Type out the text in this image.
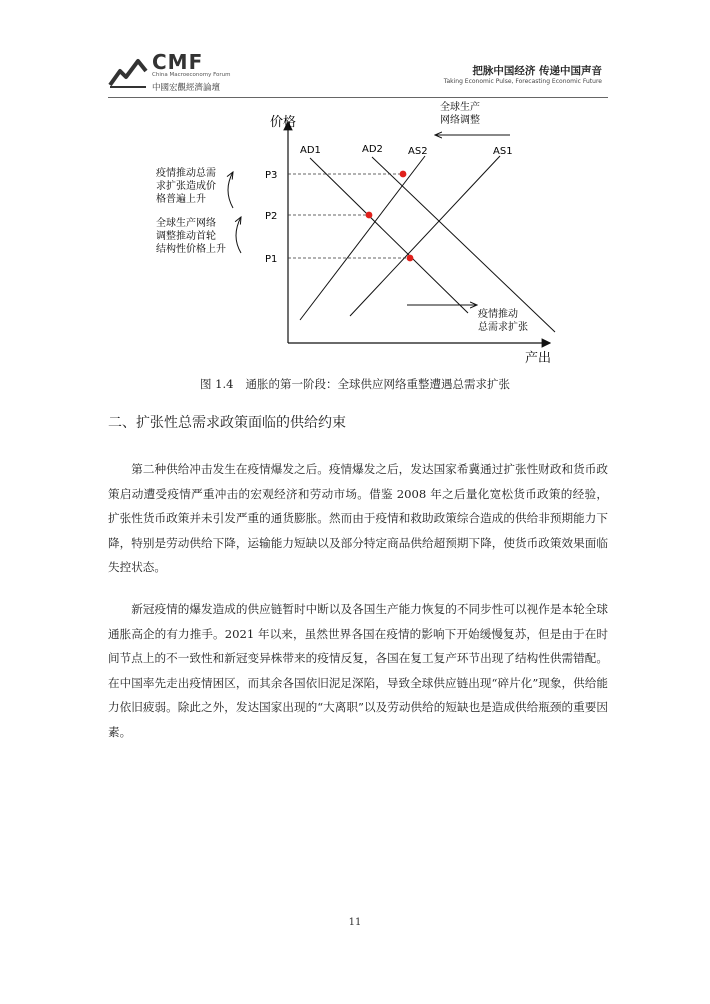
CMF
China Macroeconomy Forum
中國宏觀經濟論壇
把脉中国经济 传递中国声音
Taking Economic Pulse, Forecasting Economic Future
价格
产出
AD1	AD2	AS2	AS1
P3
P2
P1
全球生产
网络调整
疫情推动
总需求扩张
疫情推动总需
求扩张造成价
格普遍上升
全球生产网络
调整推动首轮
结构性价格上升
图 1.4 通胀的第一阶段：全球供应网络重整遭遇总需求扩张
二、扩张性总需求政策面临的供给约束

第二种供给冲击发生在疫情爆发之后。疫情爆发之后，发达国家希冀通过扩张性财政和货币政策启动遭受疫情严重冲击的宏观经济和劳动市场。借鉴 2008 年之后量化宽松货币政策的经验，扩张性货币政策并未引发严重的通货膨胀。然而由于疫情和救助政策综合造成的供给非预期能力下降，特别是劳动供给下降，运输能力短缺以及部分特定商品供给超预期下降，使货币政策效果面临失控状态。

新冠疫情的爆发造成的供应链暂时中断以及各国生产能力恢复的不同步性可以视作是本轮全球通胀高企的有力推手。2021 年以来，虽然世界各国在疫情的影响下开始缓慢复苏，但是由于在时间节点上的不一致性和新冠变异株带来的疫情反复，各国在复工复产环节出现了结构性供需错配。在中国率先走出疫情困区，而其余各国依旧泥足深陷，导致全球供应链出现“碎片化”现象，供给能力依旧疲弱。除此之外，发达国家出现的“大离职”以及劳动供给的短缺也是造成供给瓶颈的重要因素。

11
